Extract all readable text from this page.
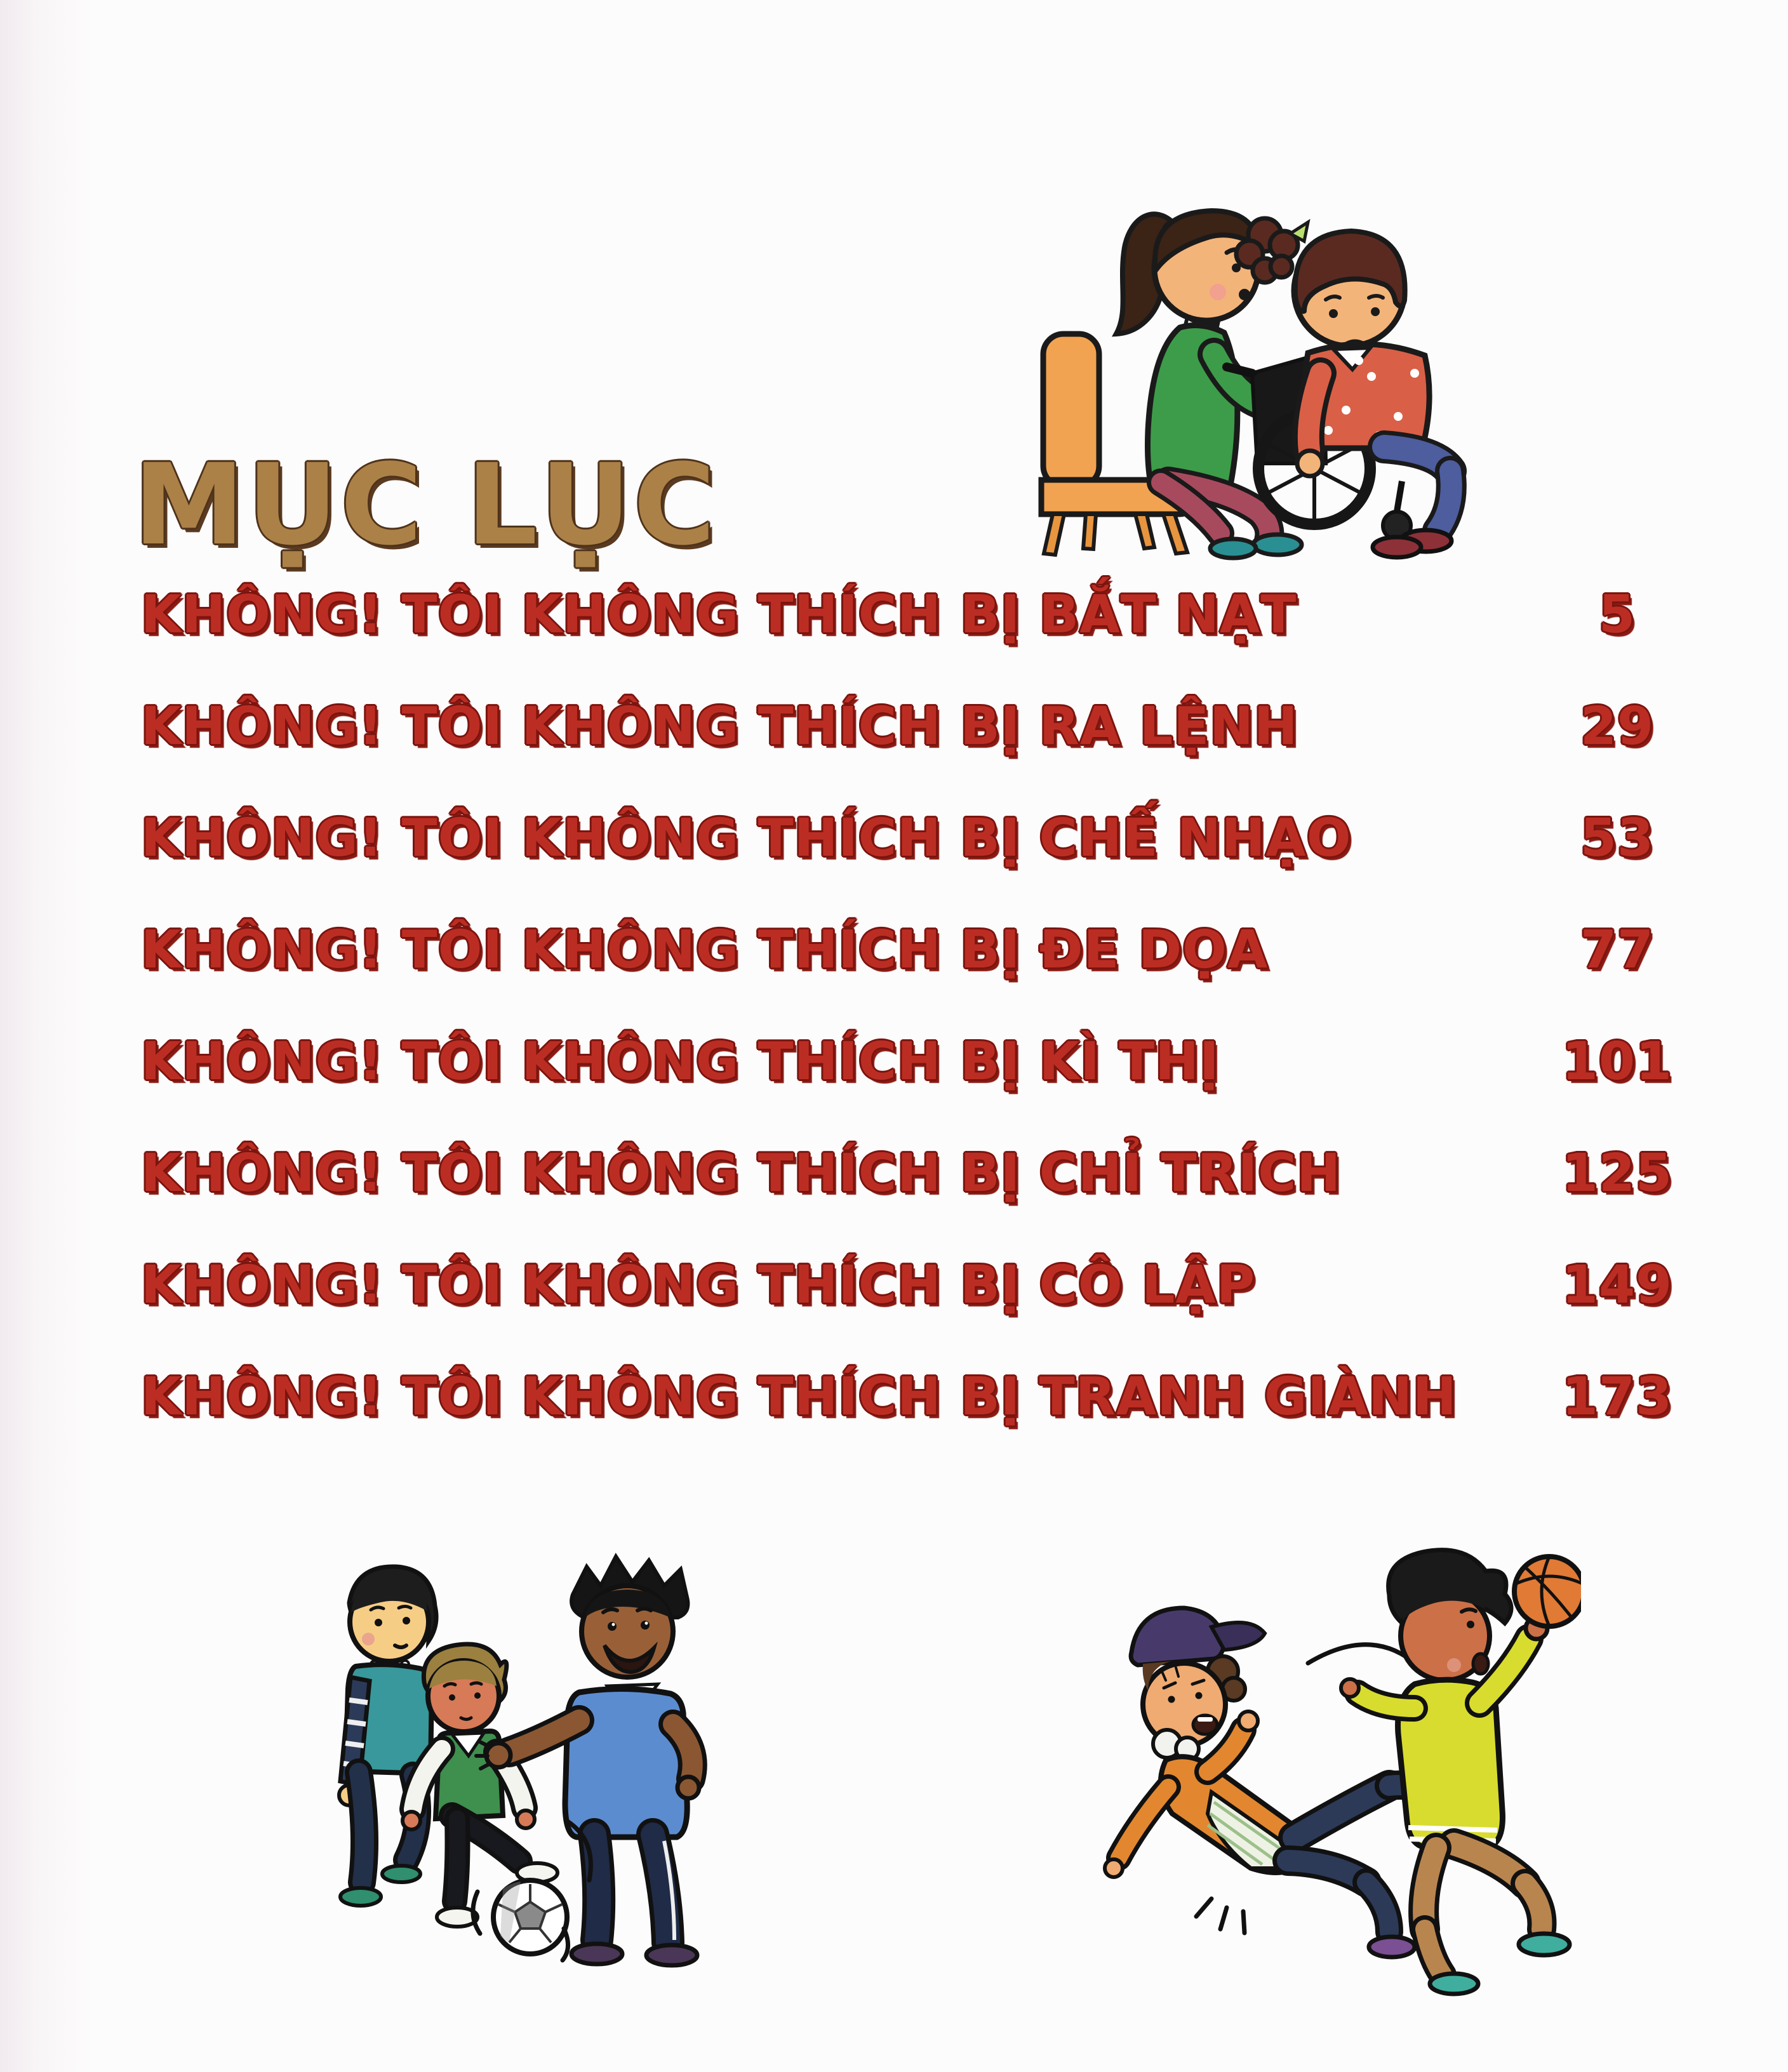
MỤC LỤC
KHÔNG! TÔI KHÔNG THÍCH BỊ BẮT NẠT	5
KHÔNG! TÔI KHÔNG THÍCH BỊ RA LỆNH	29
KHÔNG! TÔI KHÔNG THÍCH BỊ CHẾ NHẠO	53
KHÔNG! TÔI KHÔNG THÍCH BỊ ĐE DỌA	77
KHÔNG! TÔI KHÔNG THÍCH BỊ KÌ THỊ	101
KHÔNG! TÔI KHÔNG THÍCH BỊ CHỈ TRÍCH	125
KHÔNG! TÔI KHÔNG THÍCH BỊ CÔ LẬP	149
KHÔNG! TÔI KHÔNG THÍCH BỊ TRANH GIÀNH	173
